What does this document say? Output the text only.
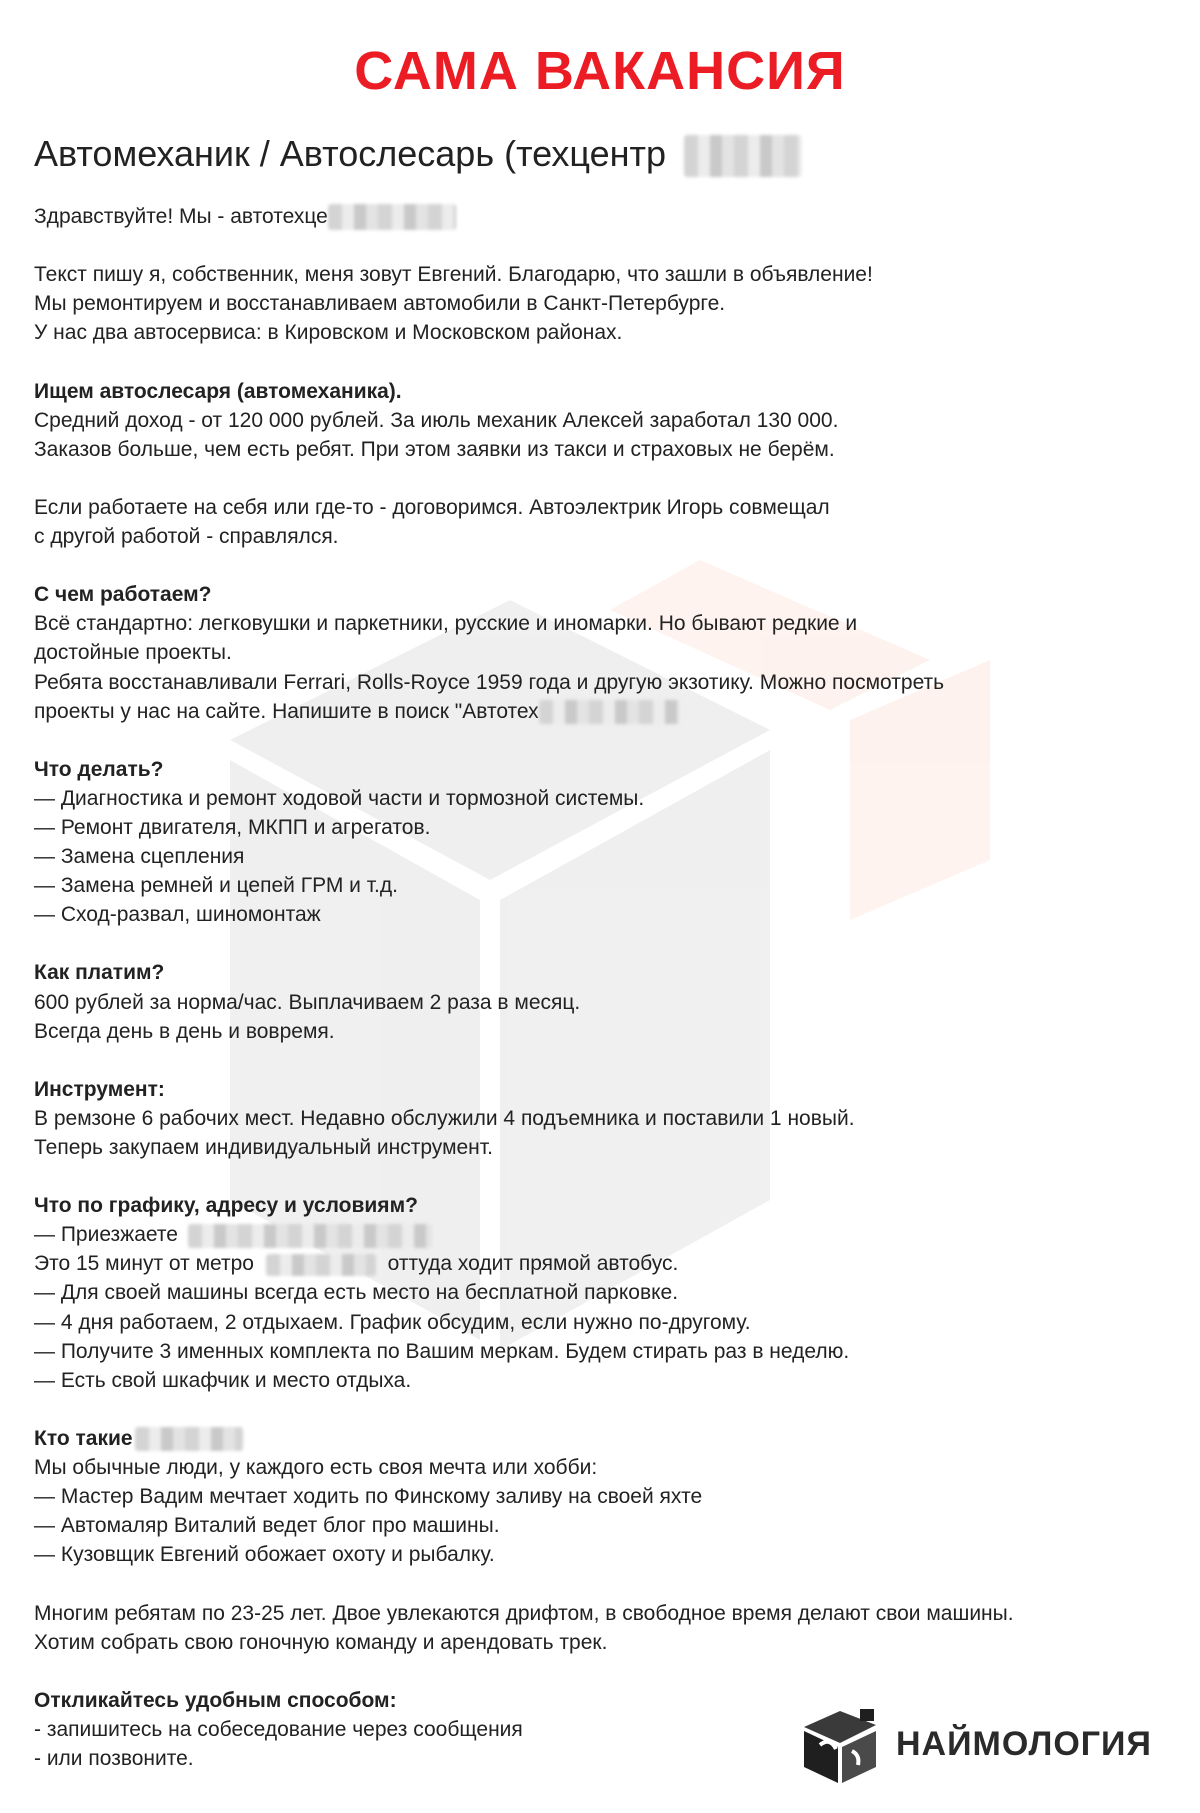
САМА ВАКАНСИЯ
Автомеханик / Автослесарь (техцентр
Здравствуйте! Мы - автотехце
Текст пишу я, собственник, меня зовут Евгений. Благодарю, что зашли в объявление!
Мы ремонтируем и восстанавливаем автомобили в Санкт-Петербурге.
У нас два автосервиса: в Кировском и Московском районах.
Ищем автослесаря (автомеханика).
Средний доход - от 120 000 рублей. За июль механик Алексей заработал 130 000.
Заказов больше, чем есть ребят. При этом заявки из такси и страховых не берём.
Если работаете на себя или где-то - договоримся. Автоэлектрик Игорь совмещал
с другой работой - справлялся.
С чем работаем?
Всё стандартно: легковушки и паркетники, русские и иномарки. Но бывают редкие и
достойные проекты.
Ребята восстанавливали Ferrari, Rolls-Royce 1959 года и другую экзотику. Можно посмотреть
проекты у нас на сайте. Напишите в поиск "Автотех
Что делать?
— Диагностика и ремонт ходовой части и тормозной системы.
— Ремонт двигателя, МКПП и агрегатов.
— Замена сцепления
— Замена ремней и цепей ГРМ и т.д.
— Сход-развал, шиномонтаж
Как платим?
600 рублей за норма/час. Выплачиваем 2 раза в месяц.
Всегда день в день и вовремя.
Инструмент:
В ремзоне 6 рабочих мест. Недавно обслужили 4 подъемника и поставили 1 новый.
Теперь закупаем индивидуальный инструмент.
Что по графику, адресу и условиям?
— Приезжаете
Это 15 минут от метро	оттуда ходит прямой автобус.
— Для своей машины всегда есть место на бесплатной парковке.
— 4 дня работаем, 2 отдыхаем. График обсудим, если нужно по-другому.
— Получите 3 именных комплекта по Вашим меркам. Будем стирать раз в неделю.
— Есть свой шкафчик и место отдыха.
Кто такие
Мы обычные люди, у каждого есть своя мечта или хобби:
— Мастер Вадим мечтает ходить по Финскому заливу на своей яхте
— Автомаляр Виталий ведет блог про машины.
— Кузовщик Евгений обожает охоту и рыбалку.
Многим ребятам по 23-25 лет. Двое увлекаются дрифтом, в свободное время делают свои машины.
Хотим собрать свою гоночную команду и арендовать трек.
Откликайтесь удобным способом:
- запишитесь на собеседование через сообщения
- или позвоните.	НАЙМОЛОГИЯ
